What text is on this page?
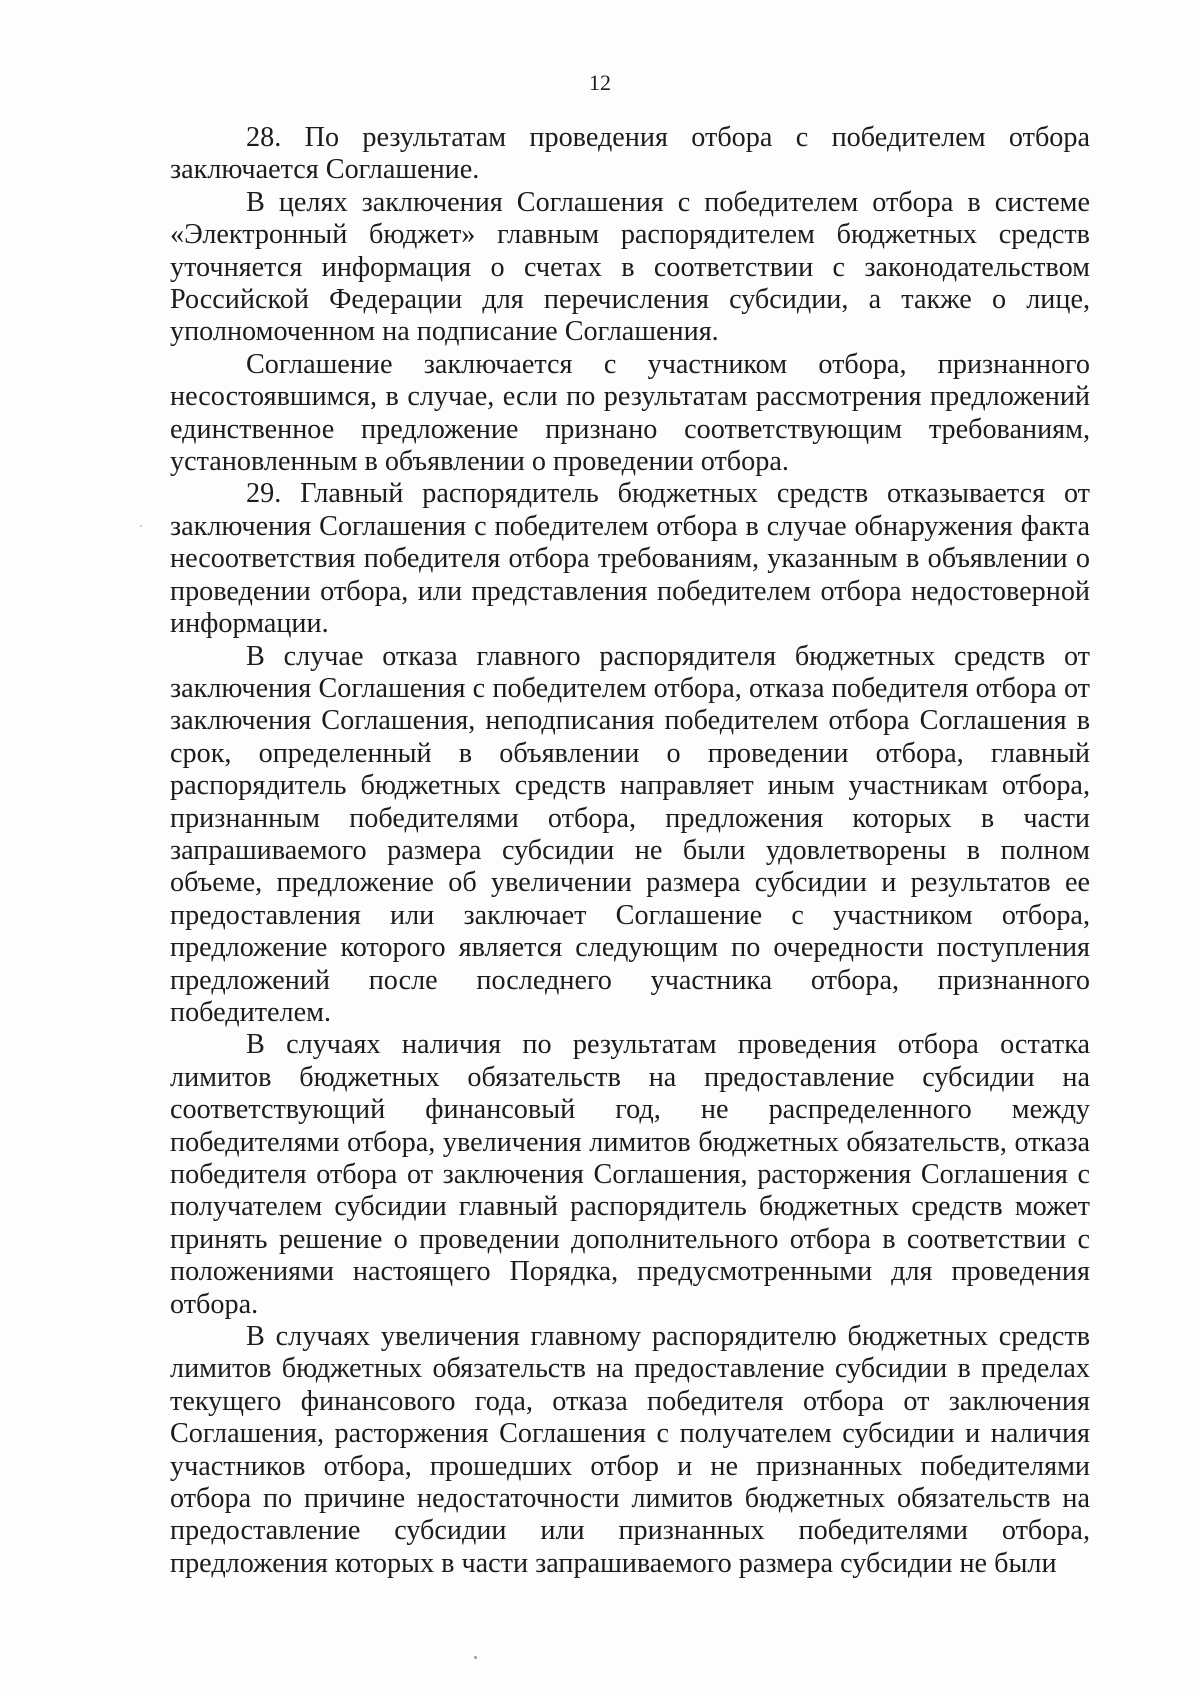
12

28. По результатам проведения отбора с победителем отбора заключается Соглашение.

В целях заключения Соглашения с победителем отбора в системе «Электронный бюджет» главным распорядителем бюджетных средств уточняется информация о счетах в соответствии с законодательством Российской Федерации для перечисления субсидии, а также о лице, уполномоченном на подписание Соглашения.

Соглашение заключается с участником отбора, признанного несостоявшимся, в случае, если по результатам рассмотрения предложений единственное предложение признано соответствующим требованиям, установленным в объявлении о проведении отбора.

29. Главный распорядитель бюджетных средств отказывается от заключения Соглашения с победителем отбора в случае обнаружения факта несоответствия победителя отбора требованиям, указанным в объявлении о проведении отбора, или представления победителем отбора недостоверной информации.

В случае отказа главного распорядителя бюджетных средств от заключения Соглашения с победителем отбора, отказа победителя отбора от заключения Соглашения, неподписания победителем отбора Соглашения в срок, определенный в объявлении о проведении отбора, главный распорядитель бюджетных средств направляет иным участникам отбора, признанным победителями отбора, предложения которых в части запрашиваемого размера субсидии не были удовлетворены в полном объеме, предложение об увеличении размера субсидии и результатов ее предоставления или заключает Соглашение с участником отбора, предложение которого является следующим по очередности поступления предложений после последнего участника отбора, признанного победителем.

В случаях наличия по результатам проведения отбора остатка лимитов бюджетных обязательств на предоставление субсидии на соответствующий финансовый год, не распределенного между победителями отбора, увеличения лимитов бюджетных обязательств, отказа победителя отбора от заключения Соглашения, расторжения Соглашения с получателем субсидии главный распорядитель бюджетных средств может принять решение о проведении дополнительного отбора в соответствии с положениями настоящего Порядка, предусмотренными для проведения отбора.

В случаях увеличения главному распорядителю бюджетных средств лимитов бюджетных обязательств на предоставление субсидии в пределах текущего финансового года, отказа победителя отбора от заключения Соглашения, расторжения Соглашения с получателем субсидии и наличия участников отбора, прошедших отбор и не признанных победителями отбора по причине недостаточности лимитов бюджетных обязательств на предоставление субсидии или признанных победителями отбора, предложения которых в части запрашиваемого размера субсидии не были
